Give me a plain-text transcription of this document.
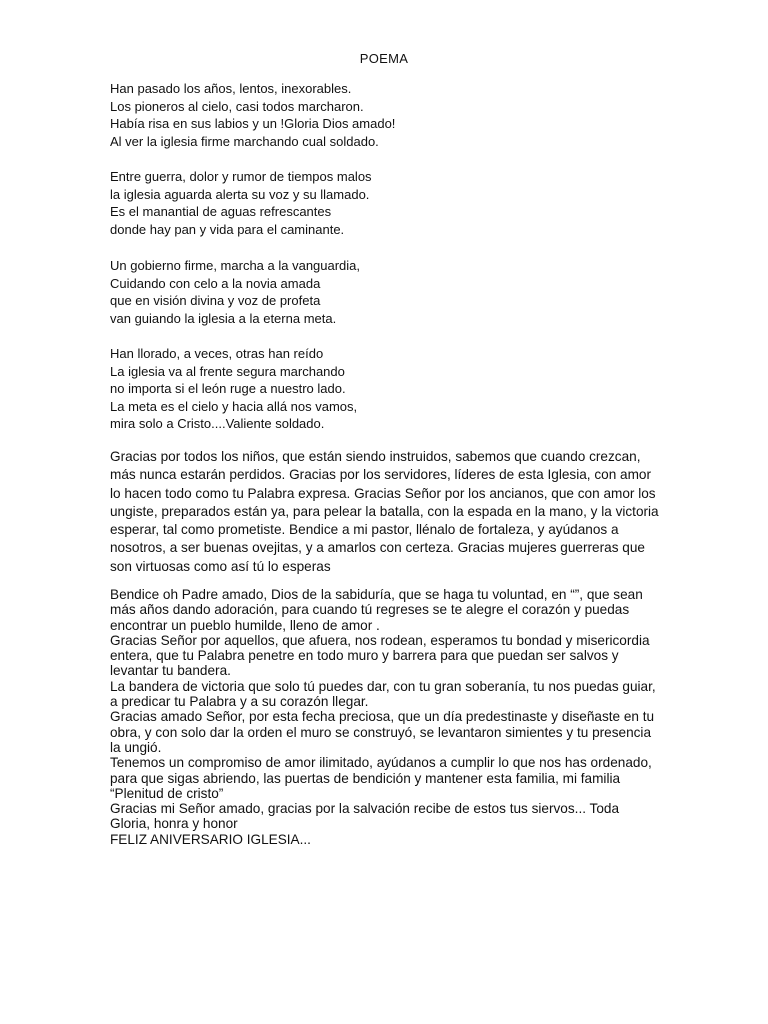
POEMA
Han pasado los años, lentos, inexorables.
Los pioneros al cielo, casi todos marcharon.
Había risa en sus labios y un !Gloria Dios amado!
Al ver la iglesia firme marchando cual soldado.
Entre guerra, dolor y rumor de tiempos malos
la iglesia aguarda alerta su voz y su llamado.
Es el manantial de aguas refrescantes
donde hay pan y vida para el caminante.
Un gobierno firme, marcha a la vanguardia,
Cuidando con celo a la novia amada
que en visión divina y voz de profeta
van guiando la iglesia a la eterna meta.
Han llorado, a veces, otras han reído
La iglesia va al frente segura marchando
no importa si el león ruge a nuestro lado.
La meta es el cielo y hacia allá nos vamos,
mira solo a Cristo....Valiente soldado.
Gracias por todos los niños, que están siendo instruidos, sabemos que cuando crezcan,
más nunca estarán perdidos. Gracias por los servidores, líderes de esta Iglesia, con amor
lo hacen todo como tu Palabra expresa. Gracias Señor por los ancianos, que con amor los
ungiste, preparados están ya, para pelear la batalla, con la espada en la mano, y la victoria
esperar, tal como prometiste. Bendice a mi pastor, llénalo de fortaleza, y ayúdanos a
nosotros, a ser buenas ovejitas, y a amarlos con certeza. Gracias mujeres guerreras que
son virtuosas como así tú lo esperas
Bendice oh Padre amado, Dios de la sabiduría, que se haga tu voluntad, en “”, que sean
más años dando adoración, para cuando tú regreses se te alegre el corazón y puedas
encontrar un pueblo humilde, lleno de amor .
Gracias Señor por aquellos, que afuera, nos rodean, esperamos tu bondad y misericordia
entera, que tu Palabra penetre en todo muro y barrera para que puedan ser salvos y
levantar tu bandera.
La bandera de victoria que solo tú puedes dar, con tu gran soberanía, tu nos puedas guiar,
a predicar tu Palabra y a su corazón llegar.
Gracias amado Señor, por esta fecha preciosa, que un día predestinaste y diseñaste en tu
obra, y con solo dar la orden el muro se construyó, se levantaron simientes y tu presencia
la ungió.
Tenemos un compromiso de amor ilimitado, ayúdanos a cumplir lo que nos has ordenado,
para que sigas abriendo, las puertas de bendición y mantener esta familia, mi familia
“Plenitud de cristo”
Gracias mi Señor amado, gracias por la salvación recibe de estos tus siervos... Toda
Gloria, honra y honor
FELIZ ANIVERSARIO IGLESIA...
